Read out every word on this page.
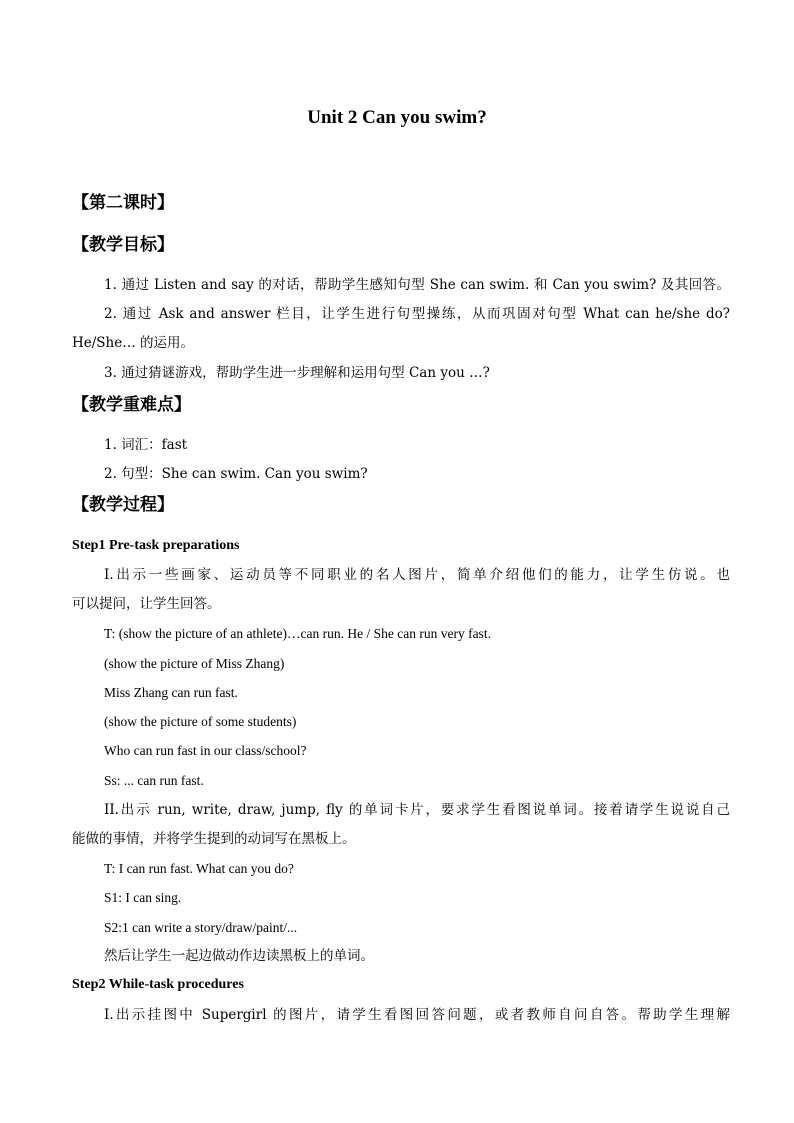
Unit 2 Can you swim?
【第二课时】
【教学目标】
1. 通过 Listen and say 的对话，帮助学生感知句型 She can swim. 和 Can you swim? 及其回答。
2. 通过 Ask and answer 栏目，让学生进行句型操练，从而巩固对句型 What can he/she do?
He/She… 的运用。
3. 通过猜谜游戏，帮助学生进一步理解和运用句型 Can you …?
【教学重难点】
1. 词汇：fast
2. 句型：She can swim. Can you swim?
【教学过程】
Step1 Pre-task preparations
I.出示一些画家、运动员等不同职业的名人图片，简单介绍他们的能力，让学生仿说。也
可以提问，让学生回答。
T: (show the picture of an athlete)…can run. He / She can run very fast.
(show the picture of Miss Zhang)
Miss Zhang can run fast.
(show the picture of some students)
Who can run fast in our class/school?
Ss: ... can run fast.
II.出示 run, write, draw, jump, fly 的单词卡片，要求学生看图说单词。接着请学生说说自己
能做的事情，并将学生提到的动词写在黑板上。
T: I can run fast. What can you do?
S1: I can sing.
S2:1 can write a story/draw/paint/...
然后让学生一起边做动作边读黑板上的单词。
Step2 While-task procedures
I.出示挂图中 Supergirl 的图片，请学生看图回答问题，或者教师自问自答。帮助学生理解
